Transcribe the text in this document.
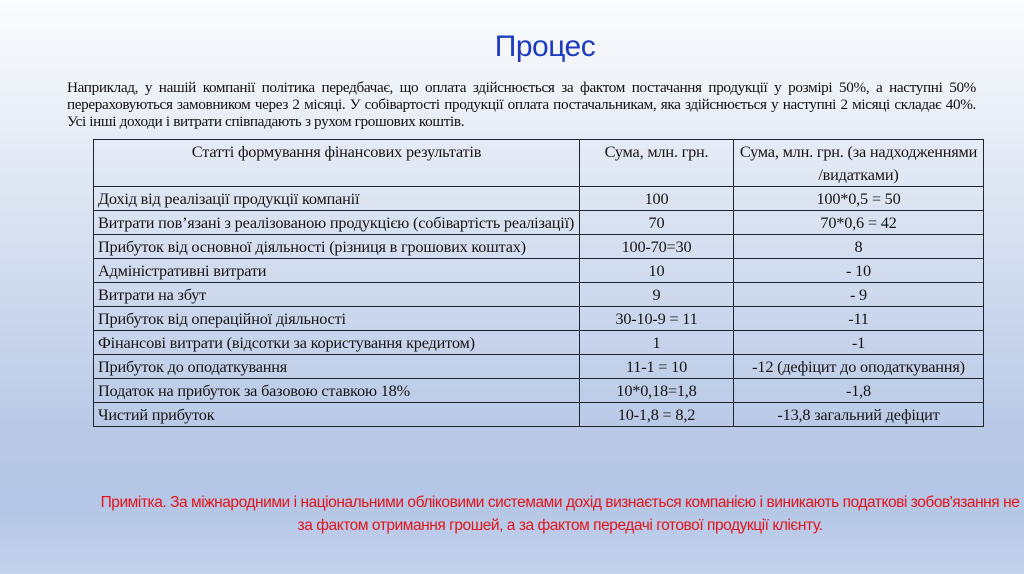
Процес
Наприклад, у нашій компанії політика передбачає, що оплата здійснюється за фактом постачання продукції у розмірі 50%, а наступні 50% перераховуються замовником через 2 місяці. У собівартості продукції оплата постачальникам, яка здійснюється у наступні 2 місяці складає 40%. Усі інші доходи і витрати співпадають з рухом грошових коштів.
Статті формування фінансових результатів	Сума, млн. грн.	Сума, млн. грн. (за надходженнями /видатками)
Дохід від реалізації продукції компанії	100	100*0,5 = 50
Витрати пов’язані з реалізованою продукцією (собівартість реалізації)	70	70*0,6 = 42
Прибуток від основної діяльності (різниця в грошових коштах)	100-70=30	8
Адміністративні витрати	10	- 10
Витрати на збут	9	- 9
Прибуток від операційної діяльності	30-10-9 = 11	-11
Фінансові витрати (відсотки за користування кредитом)	1	-1
Прибуток до оподаткування	11-1 = 10	-12 (дефіцит до оподаткування)
Податок на прибуток за базовою ставкою 18%	10*0,18=1,8	-1,8
Чистий прибуток	10-1,8 = 8,2	-13,8 загальний дефіцит
Примітка. За міжнародними і національними обліковими системами дохід визнається компанією і виникають податкові зобов'язання не за фактом отримання грошей, а за фактом передачі готової продукції клієнту.
